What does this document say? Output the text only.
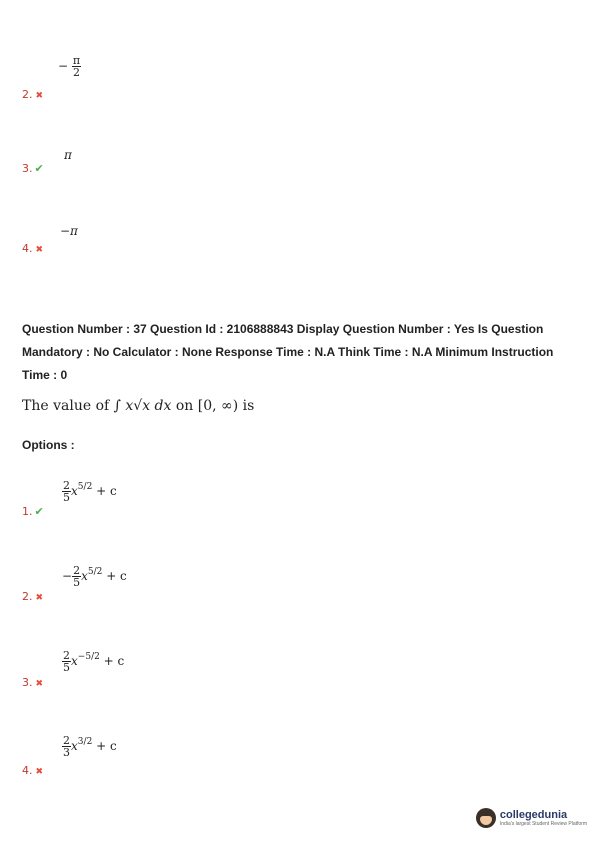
− $\frac{\pi}{2}$
2. ✖
π
3. ✔
−π
4. ✖
Question Number : 37 Question Id : 2106888843 Display Question Number : Yes Is Question
Mandatory : No Calculator : None Response Time : N.A Think Time : N.A Minimum Instruction
Time : 0
The value of ∫ x√x dx on [0, ∞) is
Options :
$\frac{2}{5} x5/2 + c$
1. ✔
− $\frac{2}{5} x5/2 + c$
2. ✖
$\frac{2}{5} x-5/2 + c$
3. ✖
$\frac{2}{3} x3/2 + c$
4. ✖
collegedunia
India's largest Student Review Platform
